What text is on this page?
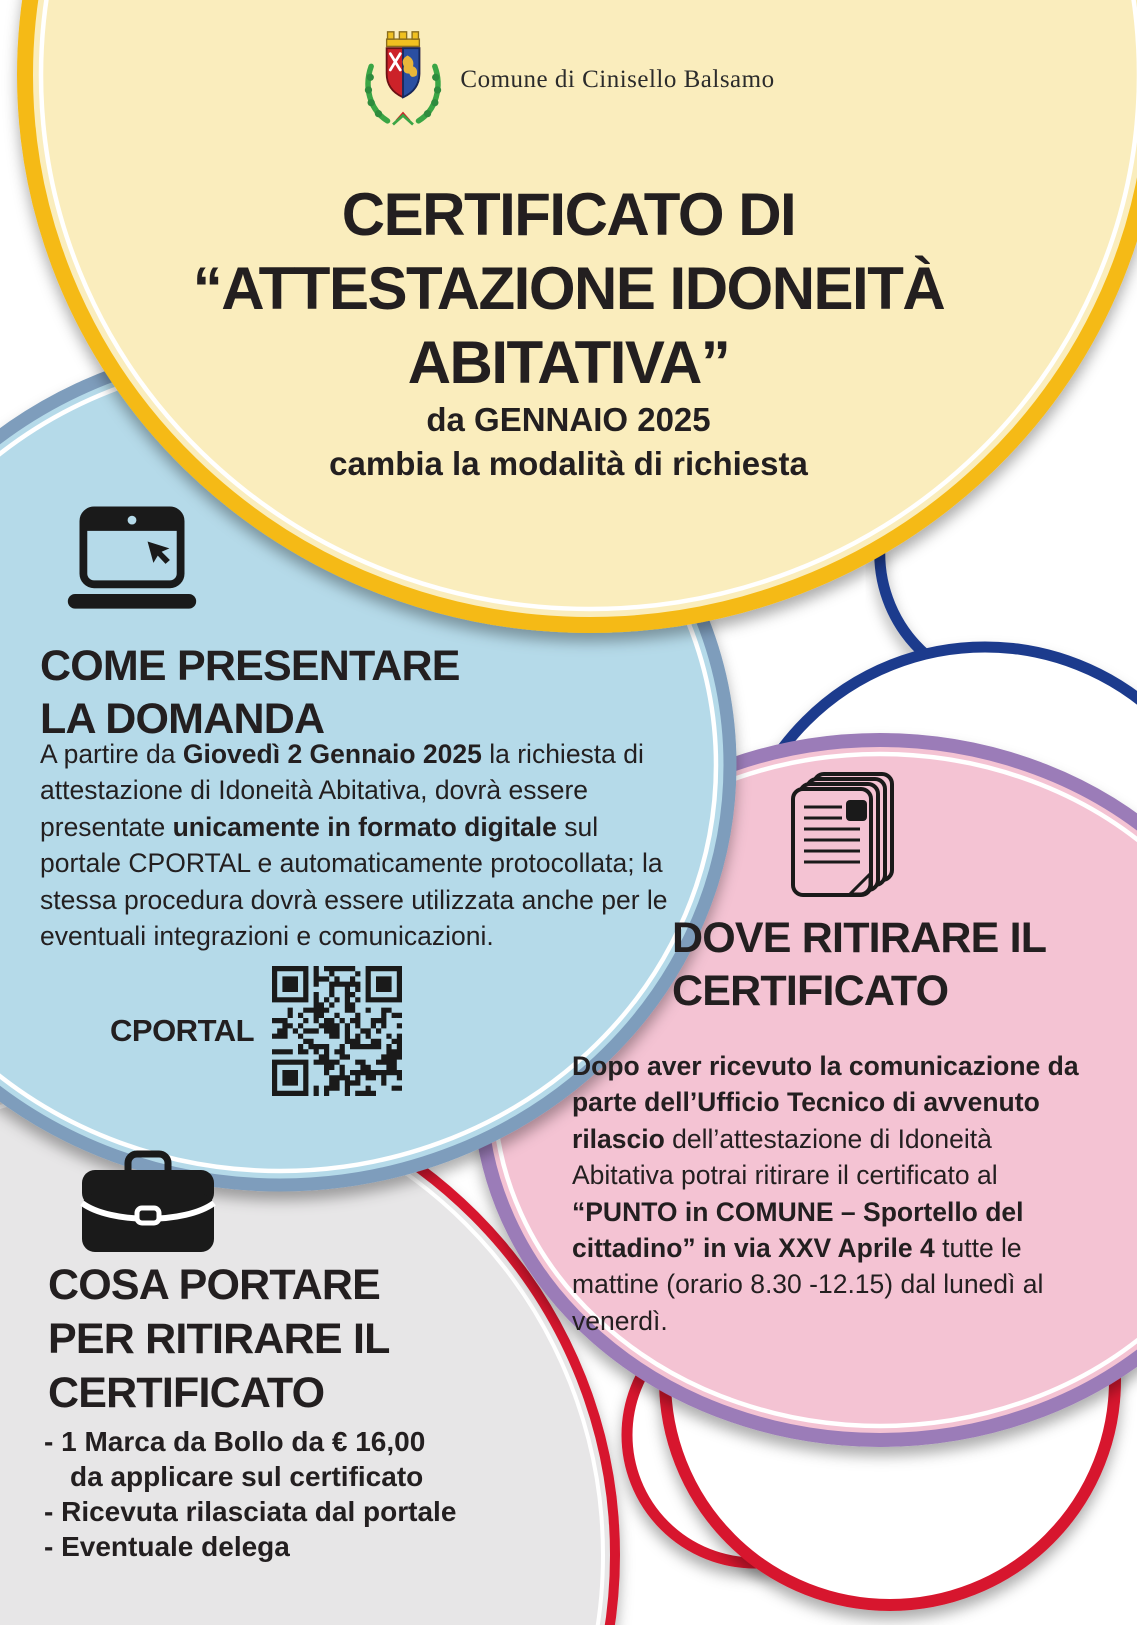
Comune di Cinisello Balsamo
CERTIFICATO DI
“ATTESTAZIONE IDONEITÀ
ABITATIVA”
da GENNAIO 2025
cambia la modalità di richiesta
COME PRESENTARE
LA DOMANDA
A partire da Giovedì 2 Gennaio 2025 la richiesta di attestazione di Idoneità Abitativa, dovrà essere presentate unicamente in formato digitale sul portale CPORTAL e automaticamente protocollata; la stessa procedura dovrà essere utilizzata anche per le eventuali integrazioni e comunicazioni.
CPORTAL
DOVE RITIRARE IL
CERTIFICATO
Dopo aver ricevuto la comunicazione da parte dell’Ufficio Tecnico di avvenuto rilascio dell’attestazione di Idoneità Abitativa potrai ritirare il certificato al “PUNTO in COMUNE – Sportello del cittadino” in via XXV Aprile 4 tutte le mattine (orario 8.30 -12.15) dal lunedì al venerdì.
COSA PORTARE
PER RITIRARE IL
CERTIFICATO
- 1 Marca da Bollo da € 16,00
da applicare sul certificato
- Ricevuta rilasciata dal portale
- Eventuale delega
